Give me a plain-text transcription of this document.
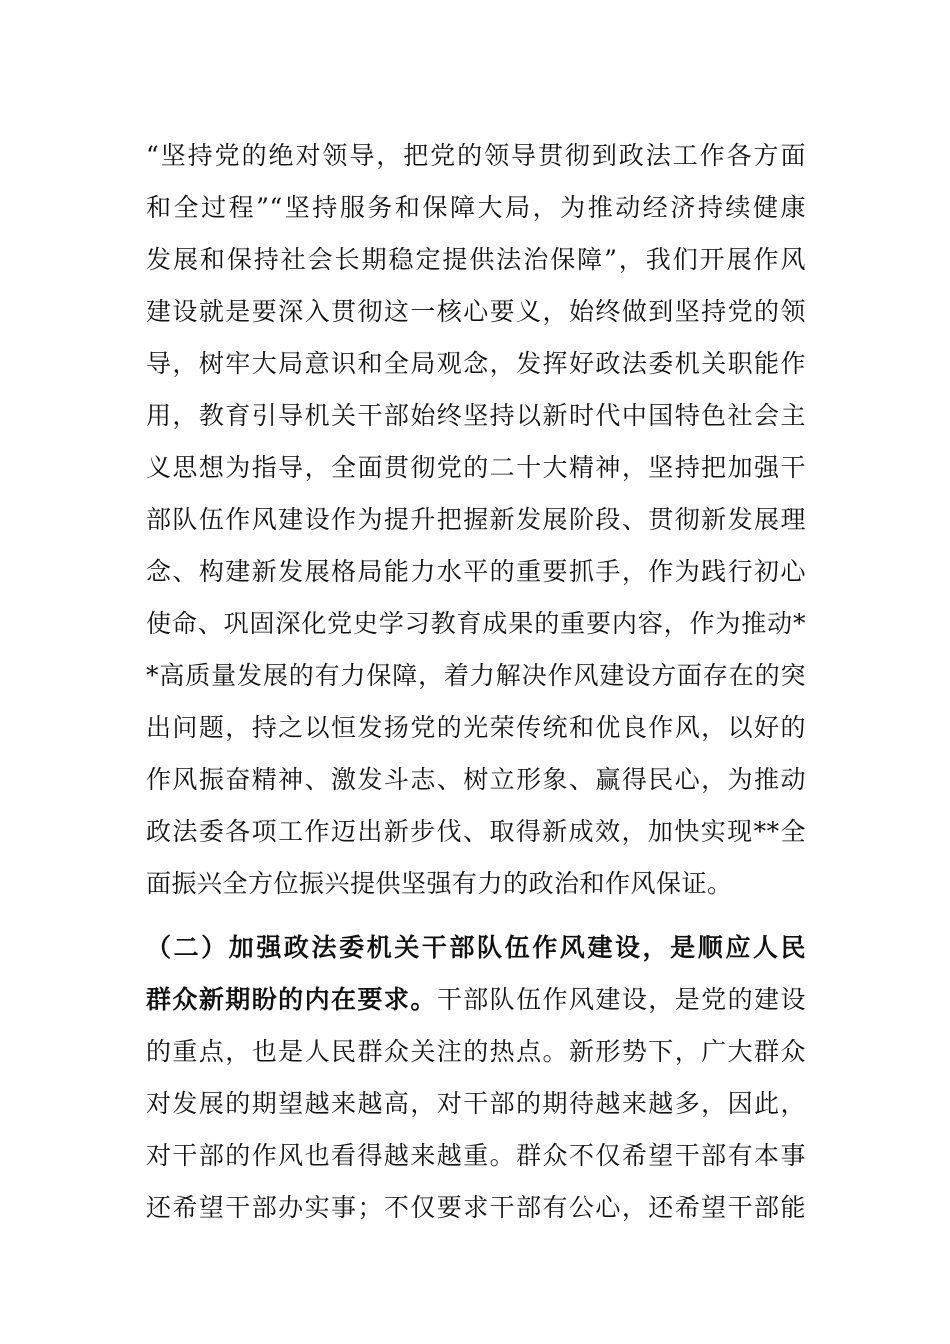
“坚持党的绝对领导，把党的领导贯彻到政法工作各方面
和全过程”“坚持服务和保障大局，为推动经济持续健康
发展和保持社会长期稳定提供法治保障”，我们开展作风
建设就是要深入贯彻这一核心要义，始终做到坚持党的领
导，树牢大局意识和全局观念，发挥好政法委机关职能作
用，教育引导机关干部始终坚持以新时代中国特色社会主
义思想为指导，全面贯彻党的二十大精神，坚持把加强干
部队伍作风建设作为提升把握新发展阶段、贯彻新发展理
念、构建新发展格局能力水平的重要抓手，作为践行初心
使命、巩固深化党史学习教育成果的重要内容，作为推动*
*高质量发展的有力保障，着力解决作风建设方面存在的突
出问题，持之以恒发扬党的光荣传统和优良作风，以好的
作风振奋精神、激发斗志、树立形象、赢得民心，为推动
政法委各项工作迈出新步伐、取得新成效，加快实现**全
面振兴全方位振兴提供坚强有力的政治和作风保证。
（二）加强政法委机关干部队伍作风建设，是顺应人民
群众新期盼的内在要求。干部队伍作风建设，是党的建设
的重点，也是人民群众关注的热点。新形势下，广大群众
对发展的期望越来越高，对干部的期待越来越多，因此，
对干部的作风也看得越来越重。群众不仅希望干部有本事
还希望干部办实事；不仅要求干部有公心，还希望干部能
